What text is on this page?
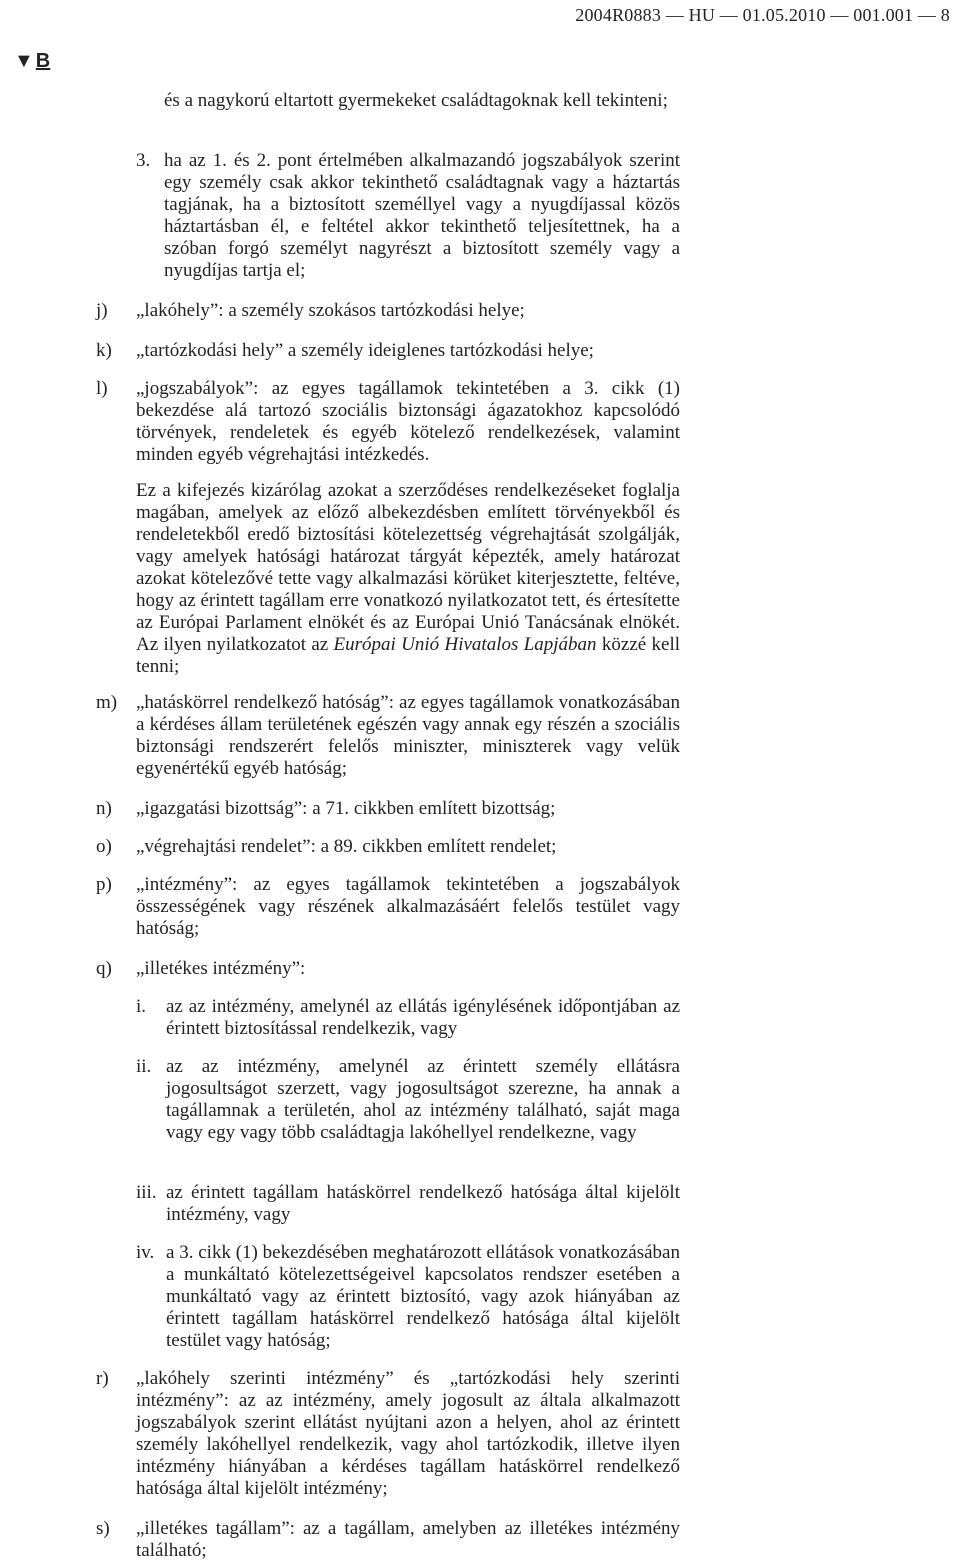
2004R0883 — HU — 01.05.2010 — 001.001 — 8
▼ B
és a nagykorú eltartott gyermekeket családtagoknak kell tekinteni;
3. ha az 1. és 2. pont értelmében alkalmazandó jogszabályok szerint egy személy csak akkor tekinthető családtagnak vagy a háztartás tagjának, ha a biztosított személlyel vagy a nyugdíjassal közös háztartásban él, e feltétel akkor tekinthető teljesítettnek, ha a szóban forgó személyt nagyrészt a biztosított személy vagy a nyugdíjas tartja el;
j) „lakóhely”: a személy szokásos tartózkodási helye;
k) „tartózkodási hely” a személy ideiglenes tartózkodási helye;
l) „jogszabályok”: az egyes tagállamok tekintetében a 3. cikk (1) bekezdése alá tartozó szociális biztonsági ágazatokhoz kapcsolódó törvények, rendeletek és egyéb kötelező rendelkezések, valamint minden egyéb végrehajtási intézkedés.
Ez a kifejezés kizárólag azokat a szerződéses rendelkezéseket foglalja magában, amelyek az előző albekezdésben említett törvényekből és rendeletekből eredő biztosítási kötelezettség végrehajtását szolgálják, vagy amelyek hatósági határozat tárgyát képezték, amely határozat azokat kötelezővé tette vagy alkalmazási körüket kiterjesztette, feltéve, hogy az érintett tagállam erre vonatkozó nyilatkozatot tett, és értesítette az Európai Parlament elnökét és az Európai Unió Tanácsának elnökét. Az ilyen nyilatkozatot az Európai Unió Hivatalos Lapjában közzé kell tenni;
m) „hatáskörrel rendelkező hatóság”: az egyes tagállamok vonatkozásában a kérdéses állam területének egészén vagy annak egy részén a szociális biztonsági rendszerért felelős miniszter, miniszterek vagy velük egyenértékű egyéb hatóság;
n) „igazgatási bizottság”: a 71. cikkben említett bizottság;
o) „végrehajtási rendelet”: a 89. cikkben említett rendelet;
p) „intézmény”: az egyes tagállamok tekintetében a jogszabályok összességének vagy részének alkalmazásáért felelős testület vagy hatóság;
q) „illetékes intézmény”:
i. az az intézmény, amelynél az ellátás igénylésének időpontjában az érintett biztosítással rendelkezik, vagy
ii. az az intézmény, amelynél az érintett személy ellátásra jogosultságot szerzett, vagy jogosultságot szerezne, ha annak a tagállamnak a területén, ahol az intézmény található, saját maga vagy egy vagy több családtagja lakóhellyel rendelkezne, vagy
iii. az érintett tagállam hatáskörrel rendelkező hatósága által kijelölt intézmény, vagy
iv. a 3. cikk (1) bekezdésében meghatározott ellátások vonatkozásában a munkáltató kötelezettségeivel kapcsolatos rendszer esetében a munkáltató vagy az érintett biztosító, vagy azok hiányában az érintett tagállam hatáskörrel rendelkező hatósága által kijelölt testület vagy hatóság;
r) „lakóhely szerinti intézmény” és „tartózkodási hely szerinti intézmény”: az az intézmény, amely jogosult az általa alkalmazott jogszabályok szerint ellátást nyújtani azon a helyen, ahol az érintett személy lakóhellyel rendelkezik, vagy ahol tartózkodik, illetve ilyen intézmény hiányában a kérdéses tagállam hatáskörrel rendelkező hatósága által kijelölt intézmény;
s) „illetékes tagállam”: az a tagállam, amelyben az illetékes intézmény található;
